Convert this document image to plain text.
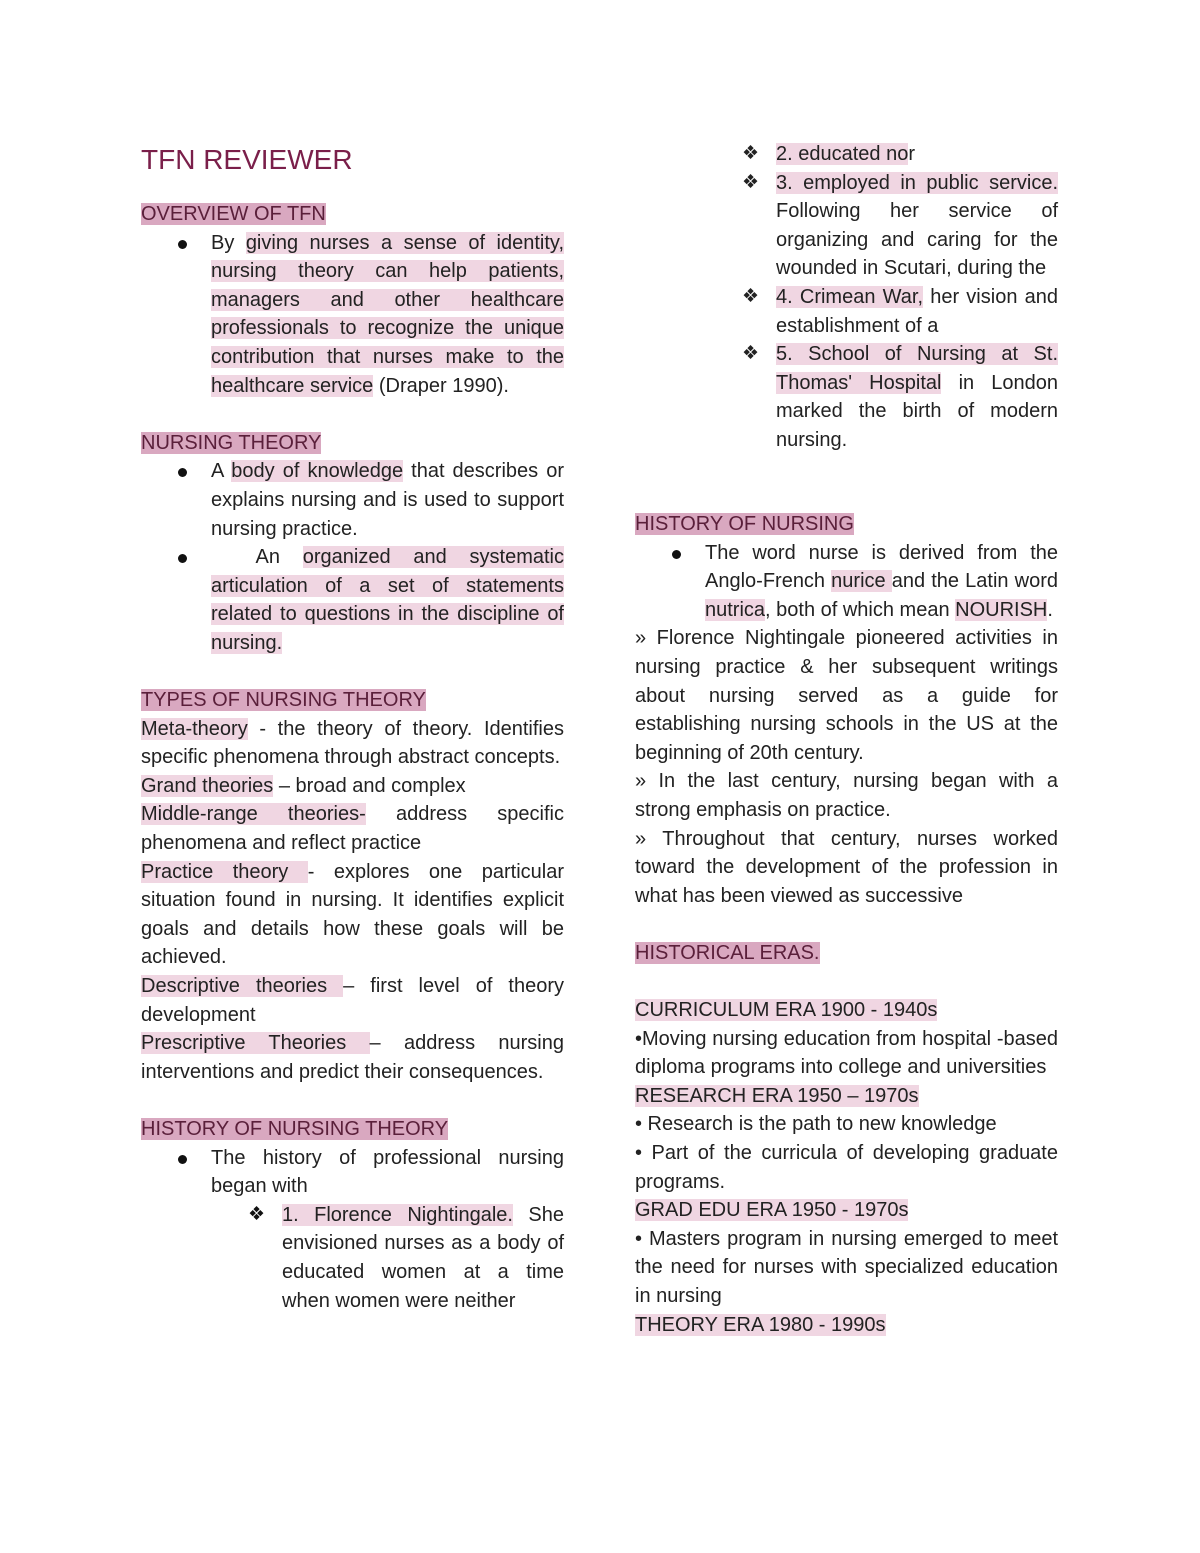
TFN REVIEWER
OVERVIEW OF TFN
By giving nurses a sense of identity, nursing theory can help patients, managers and other healthcare professionals to recognize the unique contribution that nurses make to the healthcare service (Draper 1990).
NURSING THEORY
A body of knowledge that describes or explains nursing and is used to support nursing practice.
An organized and systematic articulation of a set of statements related to questions in the discipline of nursing.
TYPES OF NURSING THEORY
Meta-theory - the theory of theory. Identifies specific phenomena through abstract concepts.
Grand theories – broad and complex
Middle-range theories- address specific phenomena and reflect practice
Practice theory - explores one particular situation found in nursing. It identifies explicit goals and details how these goals will be achieved.
Descriptive theories – first level of theory development
Prescriptive Theories – address nursing interventions and predict their consequences.
HISTORY OF NURSING THEORY
The history of professional nursing began with
❖ 1. Florence Nightingale. She envisioned nurses as a body of educated women at a time when women were neither
❖ 2. educated nor
❖ 3. employed in public service. Following her service of organizing and caring for the wounded in Scutari, during the
❖ 4. Crimean War, her vision and establishment of a
❖ 5. School of Nursing at St. Thomas' Hospital in London marked the birth of modern nursing.
HISTORY OF NURSING
The word nurse is derived from the Anglo-French nurice and the Latin word nutrica, both of which mean NOURISH.
» Florence Nightingale pioneered activities in nursing practice & her subsequent writings about nursing served as a guide for establishing nursing schools in the US at the beginning of 20th century.
» In the last century, nursing began with a strong emphasis on practice.
» Throughout that century, nurses worked toward the development of the profession in what has been viewed as successive
HISTORICAL ERAS.
CURRICULUM ERA 1900 - 1940s
•Moving nursing education from hospital -based diploma programs into college and universities
RESEARCH ERA 1950 – 1970s
• Research is the path to new knowledge
• Part of the curricula of developing graduate programs.
GRAD EDU ERA 1950 - 1970s
• Masters program in nursing emerged to meet the need for nurses with specialized education in nursing
THEORY ERA 1980 - 1990s
